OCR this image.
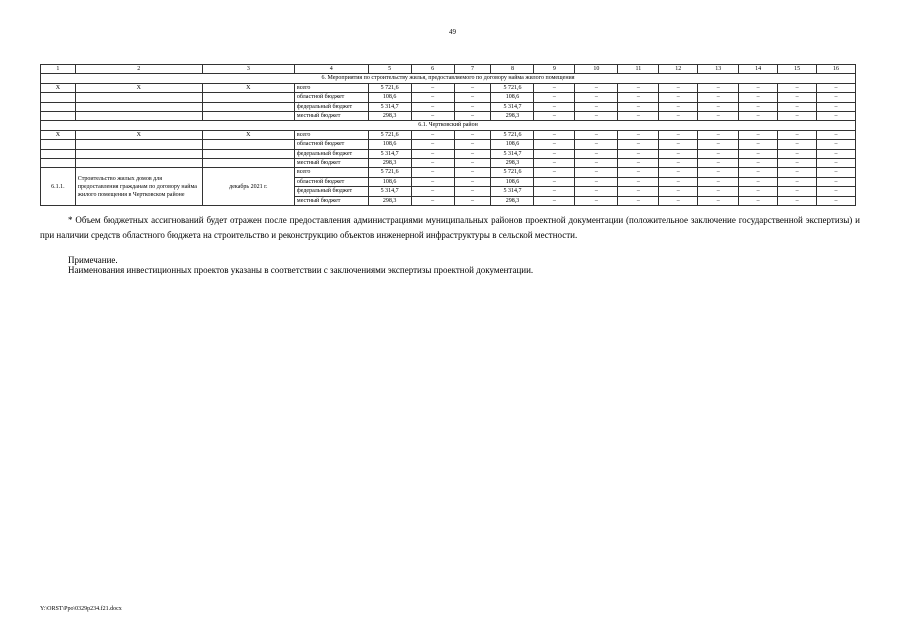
49
1	2	3	4	5	6	7	8	9	10	11	12	13	14	15	16
6. Мероприятия по строительству жилья, предоставляемого по договору найма жилого помещения															
Х	Х	Х	всего	5 721,6	–	–	5 721,6	–	–	–	–	–	–	–	–
			областной бюджет	108,6	–	–	108,6	–	–	–	–	–	–	–	–
			федеральный бюджет	5 314,7	–	–	5 314,7	–	–	–	–	–	–	–	–
			местный бюджет	298,3	–	–	298,3	–	–	–	–	–	–	–	–
6.1. Чертковский район															
Х	Х	Х	всего	5 721,6	–	–	5 721,6	–	–	–	–	–	–	–	–
			областной бюджет	108,6	–	–	108,6	–	–	–	–	–	–	–	–
			федеральный бюджет	5 314,7	–	–	5 314,7	–	–	–	–	–	–	–	–
			местный бюджет	298,3	–	–	298,3	–	–	–	–	–	–	–	–
6.1.1.	Строительство жилых домов для предоставления гражданам по договору найма жилого помещения в Чертковском районе	декабрь 2021 г.	всего	5 721,6	–	–	5 721,6	–	–	–	–	–	–	–	–
			областной бюджет	108,6	–	–	108,6	–	–	–	–	–	–	–	–
			федеральный бюджет	5 314,7	–	–	5 314,7	–	–	–	–	–	–	–	–
			местный бюджет	298,3	–	–	298,3	–	–	–	–	–	–	–	–
* Объем бюджетных ассигнований будет отражен после предоставления администрациями муниципальных районов проектной документации (положительное заключение государственной экспертизы) и при наличии средств областного бюджета на строительство и реконструкцию объектов инженерной инфраструктуры в сельской местности.
Примечание.
Наименования инвестиционных проектов указаны в соответствии с заключениями экспертизы проектной документации.
Y:\ORST\Ppo\0329p234.f21.docx
